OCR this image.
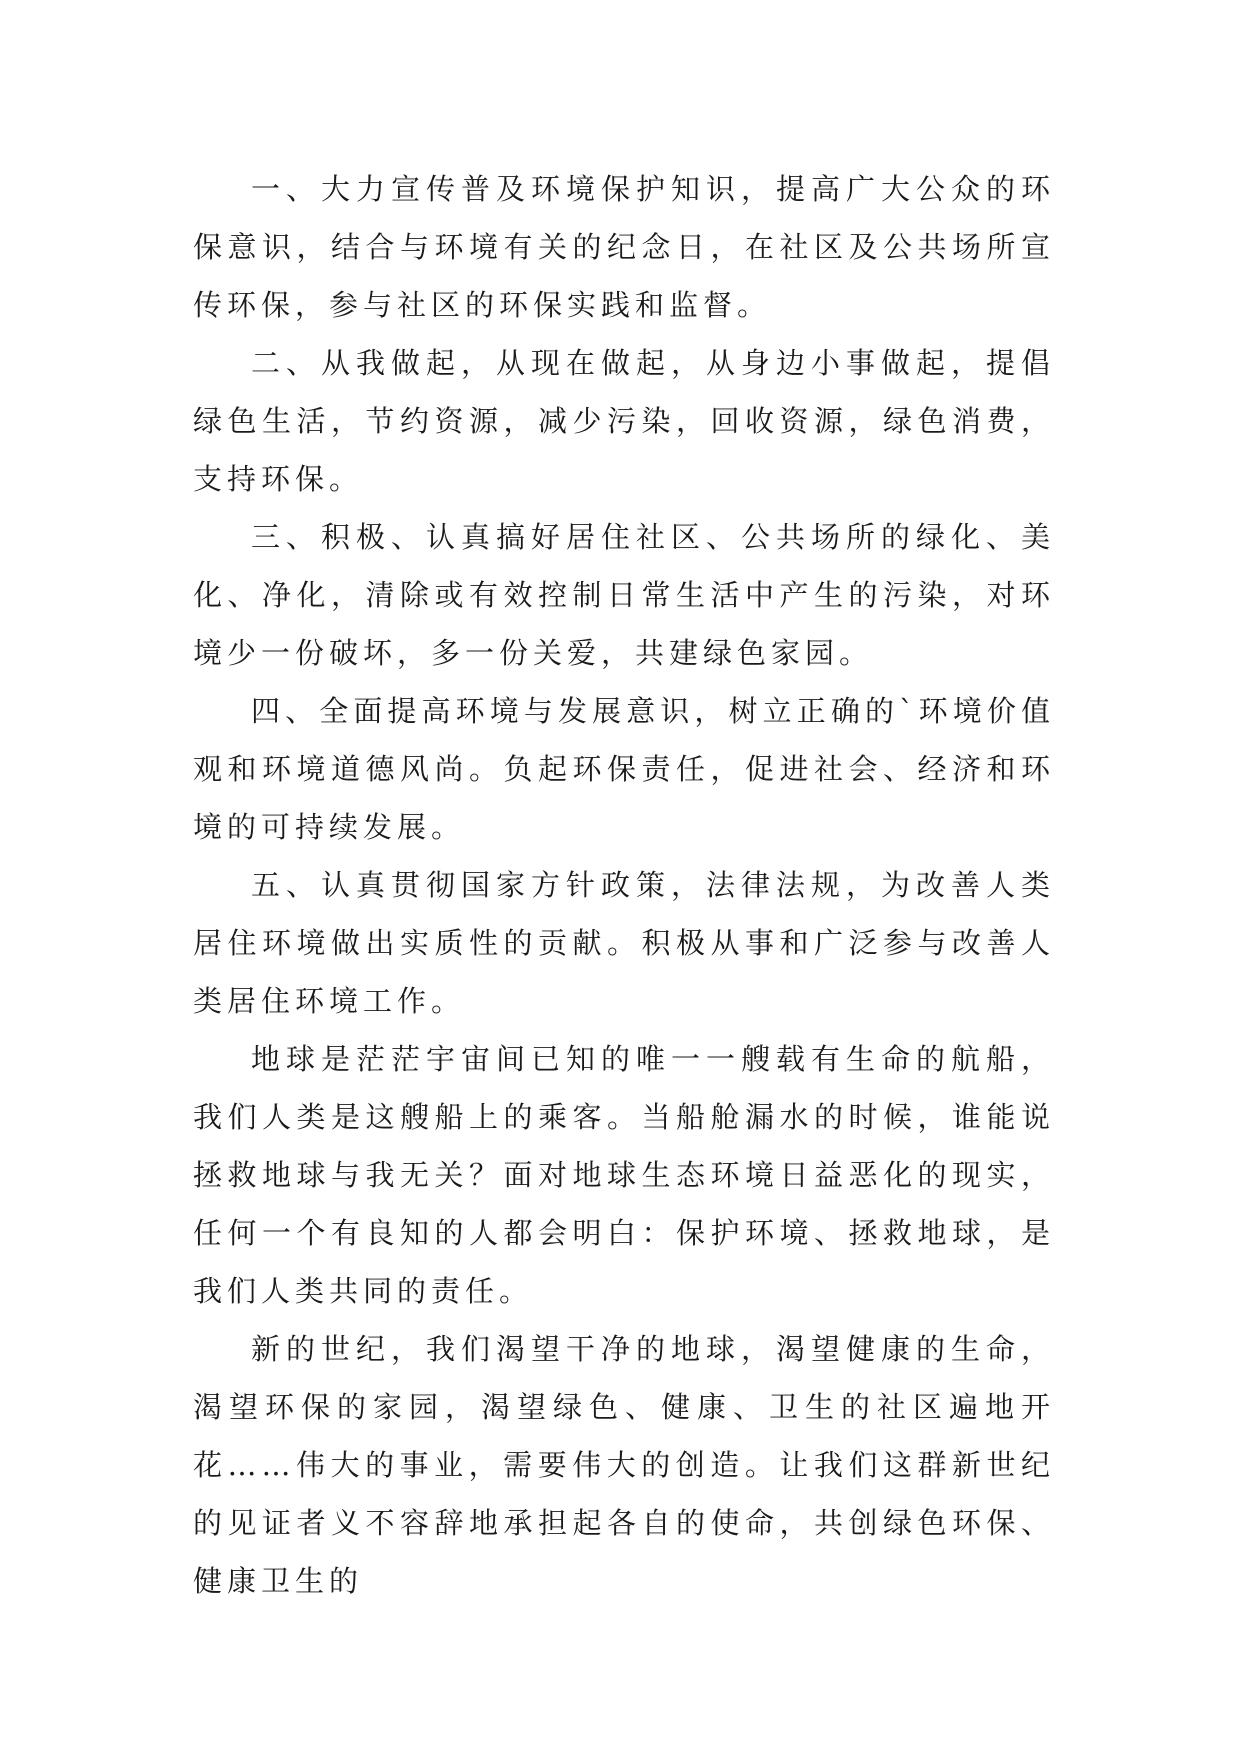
一、大力宣传普及环境保护知识，提高广大公众的环保意识，结合与环境有关的纪念日，在社区及公共场所宣传环保，参与社区的环保实践和监督。

二、从我做起，从现在做起，从身边小事做起，提倡绿色生活，节约资源，减少污染，回收资源，绿色消费，支持环保。

三、积极、认真搞好居住社区、公共场所的绿化、美化、净化，清除或有效控制日常生活中产生的污染，对环境少一份破坏，多一份关爱，共建绿色家园。

四、全面提高环境与发展意识，树立正确的`环境价值观和环境道德风尚。负起环保责任，促进社会、经济和环境的可持续发展。

五、认真贯彻国家方针政策，法律法规，为改善人类居住环境做出实质性的贡献。积极从事和广泛参与改善人类居住环境工作。

地球是茫茫宇宙间已知的唯一一艘载有生命的航船，我们人类是这艘船上的乘客。当船舱漏水的时候，谁能说拯救地球与我无关？面对地球生态环境日益恶化的现实，任何一个有良知的人都会明白：保护环境、拯救地球，是我们人类共同的责任。

新的世纪，我们渴望干净的地球，渴望健康的生命，渴望环保的家园，渴望绿色、健康、卫生的社区遍地开花……伟大的事业，需要伟大的创造。让我们这群新世纪的见证者义不容辞地承担起各自的使命，共创绿色环保、健康卫生的
